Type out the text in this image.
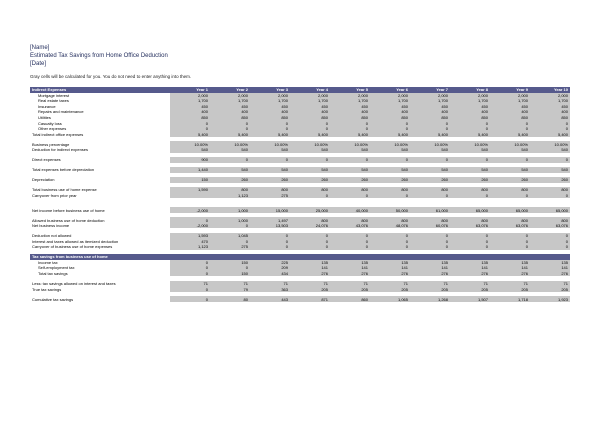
[Name]
Estimated Tax Savings from Home Office Deduction
[Date]
Gray cells will be calculated for you. You do not need to enter anything into them.
Indirect Expenses	Year 1	Year 2	Year 3	Year 4	Year 5	Year 6	Year 7	Year 8	Year 9	Year 10
Mortgage interest	2,000	2,000	2,000	2,000	2,000	2,000	2,000	2,000	2,000	2,000
Real estate taxes	1,700	1,700	1,700	1,700	1,700	1,700	1,700	1,700	1,700	1,700
Insurance	450	450	450	450	450	450	450	450	450	450
Repairs and maintenance	400	400	400	400	400	400	400	400	400	400
Utilities	850	850	850	850	850	850	850	850	850	850
Casualty loss	0	0	0	0	0	0	0	0	0	0
Other expenses	0	0	0	0	0	0	0	0	0	0
Total indirect office expenses	5,400	5,400	5,400	5,400	5,400	5,400	5,400	5,400	5,400	5,400

Business percentage	10.00%	10.00%	10.00%	10.00%	10.00%	10.00%	10.00%	10.00%	10.00%	10.00%
Deduction for indirect expenses	540	540	540	540	540	540	540	540	540	540

Direct expenses	900	0	0	0	0	0	0	0	0	0

Total expenses before depreciation	1,440	540	540	540	540	540	540	540	540	540

Depreciation	150	260	260	260	260	260	260	260	260	260

Total business use of home expense	1,590	800	800	800	800	800	800	800	800	800
Carryover from prior year		1,123	275	0	0	0	0	0	0	0

Net income before business use of home	-2,000	1,000	15,000	25,000	40,000	50,000	61,000	65,000	65,000	65,000

Allowed business use of home deduction	0	1,000	1,497	800	800	800	800	800	800	800
Net business income	-2,000	0	13,503	24,076	43,076	48,076	60,076	63,076	63,076	63,076

Deduction not allowed	1,593	1,045	0	0	0	0	0	0	0	0
Interest and taxes allowed as itemized deduction	470	0	0	0	0	0	0	0	0	0
Carryover of business use of home expenses	1,123	275	0	0	0	0	0	0	0	0

Tax savings from business use of home										
Income tax	0	150	225	135	135	135	135	135	135	135
Self-employment tax	0	0	209	141	141	141	141	141	141	141
Total tax savings	0	150	434	276	276	276	276	276	276	276

Less: tax savings allowed on interest and taxes	71	71	71	71	71	71	71	71	71	71
True tax savings	0	79	363	205	205	205	205	205	205	205

Cumulative tax savings	0	80	443	871	860	1,065	1,268	1,507	1,718	1,923
